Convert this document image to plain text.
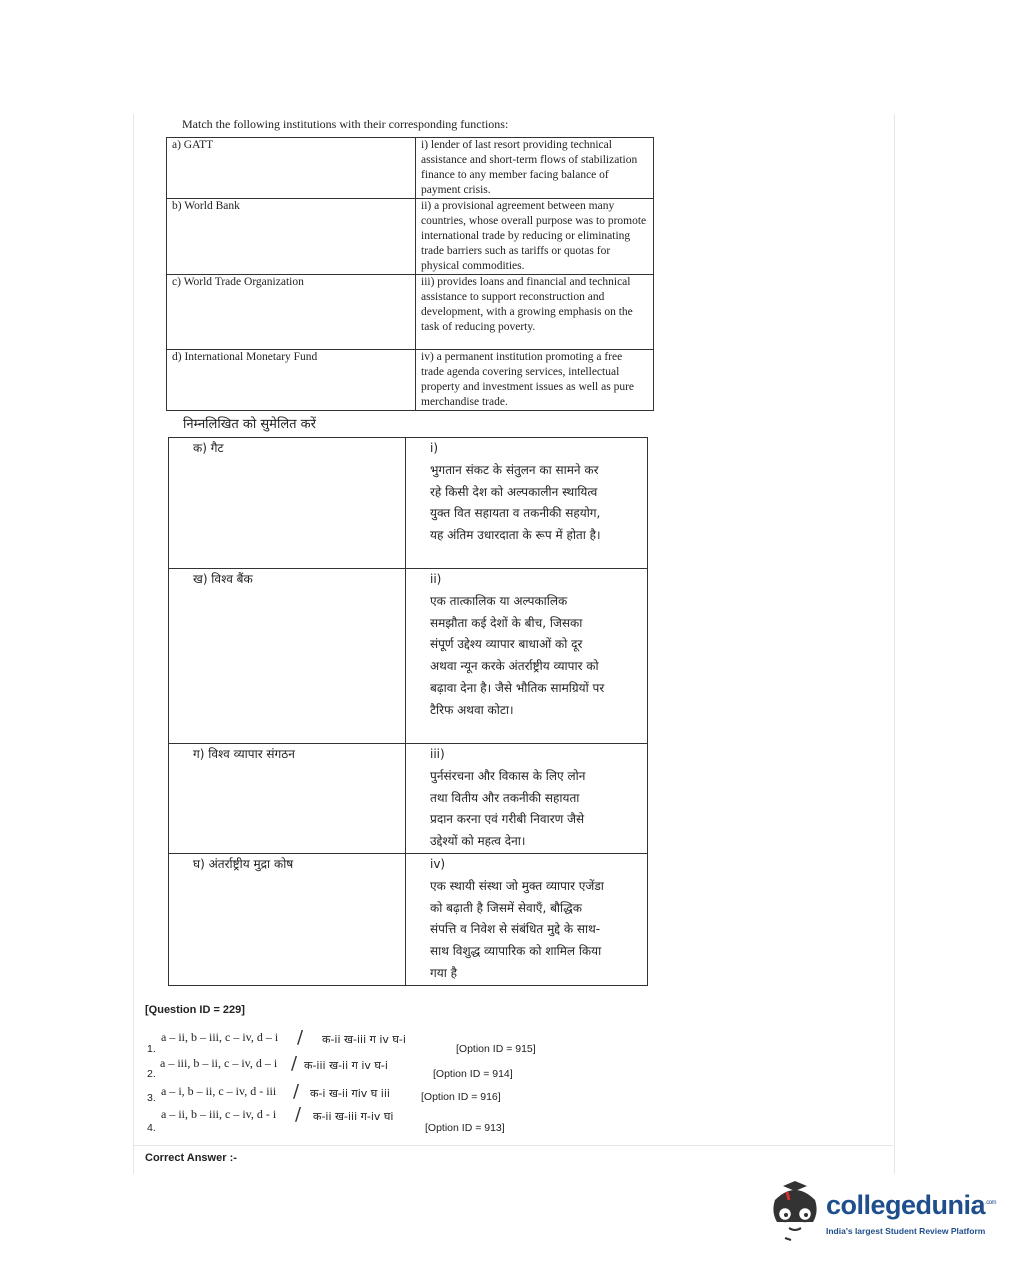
Match the following institutions with their corresponding functions:
a) GATT	i) lender of last resort providing technical assistance and short-term flows of stabilization finance to any member facing balance of payment crisis.
b) World Bank	ii) a provisional agreement between many countries, whose overall purpose was to promote international trade by reducing or eliminating trade barriers such as tariffs or quotas for physical commodities.
c) World Trade Organization	iii) provides loans and financial and technical assistance to support reconstruction and development, with a growing emphasis on the task of reducing poverty.
d) International Monetary Fund	iv) a permanent institution promoting a free trade agenda covering services, intellectual property and investment issues as well as pure merchandise trade.
निम्नलिखित को सुमेलित करें
क) गैट	i)भुगतान संकट के संतुलन का सामने कर रहे किसी देश को अल्पकालीन स्थायित्व युक्त वित सहायता व तकनीकी सहयोग, यह अंतिम उधारदाता के रूप में होता है।
ख) विश्व बैंक	ii)एक तात्कालिक या अल्पकालिक समझौता कई देशों के बीच, जिसका संपूर्ण उद्देश्य व्यापार बाधाओं को दूर अथवा न्यून करके अंतर्राष्ट्रीय व्यापार को बढ़ावा देना है। जैसे भौतिक सामग्रियों पर टैरिफ अथवा कोटा।
ग) विश्व व्यापार संगठन	iii)पुर्नसंरचना और विकास के लिए लोन तथा वितीय और तकनीकी सहायता प्रदान करना एवं गरीबी निवारण जैसे उद्देश्यों को महत्व देना।
घ) अंतर्राष्ट्रीय मुद्रा कोष	iv)एक स्थायी संस्था जो मुक्त व्यापार एजेंडा को बढ़ाती है जिसमें सेवाएँ, बौद्धिक संपत्ति व निवेश से संबंधित मुद्दे के साथ-साथ विशुद्ध व्यापारिक को शामिल किया गया है
[Question ID = 229]
1.
a – ii, b – iii, c – iv, d – i / क-ii ख-iii ग iv घ-i
[Option ID = 915]
2.
a – iii, b – ii, c – iv, d – i / क-iii ख-ii ग iv घ-i
[Option ID = 914]
3. a – i, b – ii, c – iv, d - iii / क-i ख-ii गiv घ iii	[Option ID = 916]
4.
a – ii, b – iii, c – iv, d - i / क-ii ख-iii ग-iv घi
[Option ID = 913]
Correct Answer :-
collegedunia$^{.com}$
India's largest Student Review Platform
